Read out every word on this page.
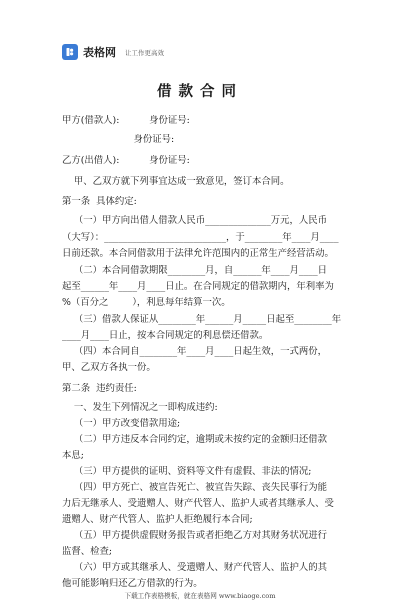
表格网 让工作更高效
借款合同

甲方(借款人):          身份证号:

身份证号:

乙方(出借人):          身份证号:

甲、乙双方就下列事宜达成一致意见，签订本合同。

第一条  具体约定:

（一）甲方向出借人借款人民币______________万元，人民币

（大写）：__________________________，于________年____月____

日前还款。本合同借款用于法律允许范围内的正常生产经营活动。

（二）本合同借款期限________月，自______年____月____日

起至______年____月____日止。在合同规定的借款期内，年利率为

%（百分之        ），利息每年结算一次。

（三）借款人保证从________年______月_____日起至________年

____月____日止，按本合同规定的利息偿还借款。

（四）本合同自________年____月____日起生效，一式两份，

甲、乙双方各执一份。

第二条  违约责任:

一、发生下列情况之一即构成违约:

（一）甲方改变借款用途;

（二）甲方违反本合同约定，逾期或未按约定的金额归还借款

本息;

（三）甲方提供的证明、资料等文件有虚假、非法的情况;

（四）甲方死亡、被宣告死亡、被宣告失踪、丧失民事行为能

力后无继承人、受遗赠人、财产代管人、监护人或者其继承人、受

遗赠人、财产代管人、监护人拒绝履行本合同;

（五）甲方提供虚假财务报告或者拒绝乙方对其财务状况进行

监督、检查;

（六）甲方或其继承人、受遗赠人、财产代管人、监护人的其

他可能影响归还乙方借款的行为。

下载工作表格模板，就在表格网 www.biaoge.com
